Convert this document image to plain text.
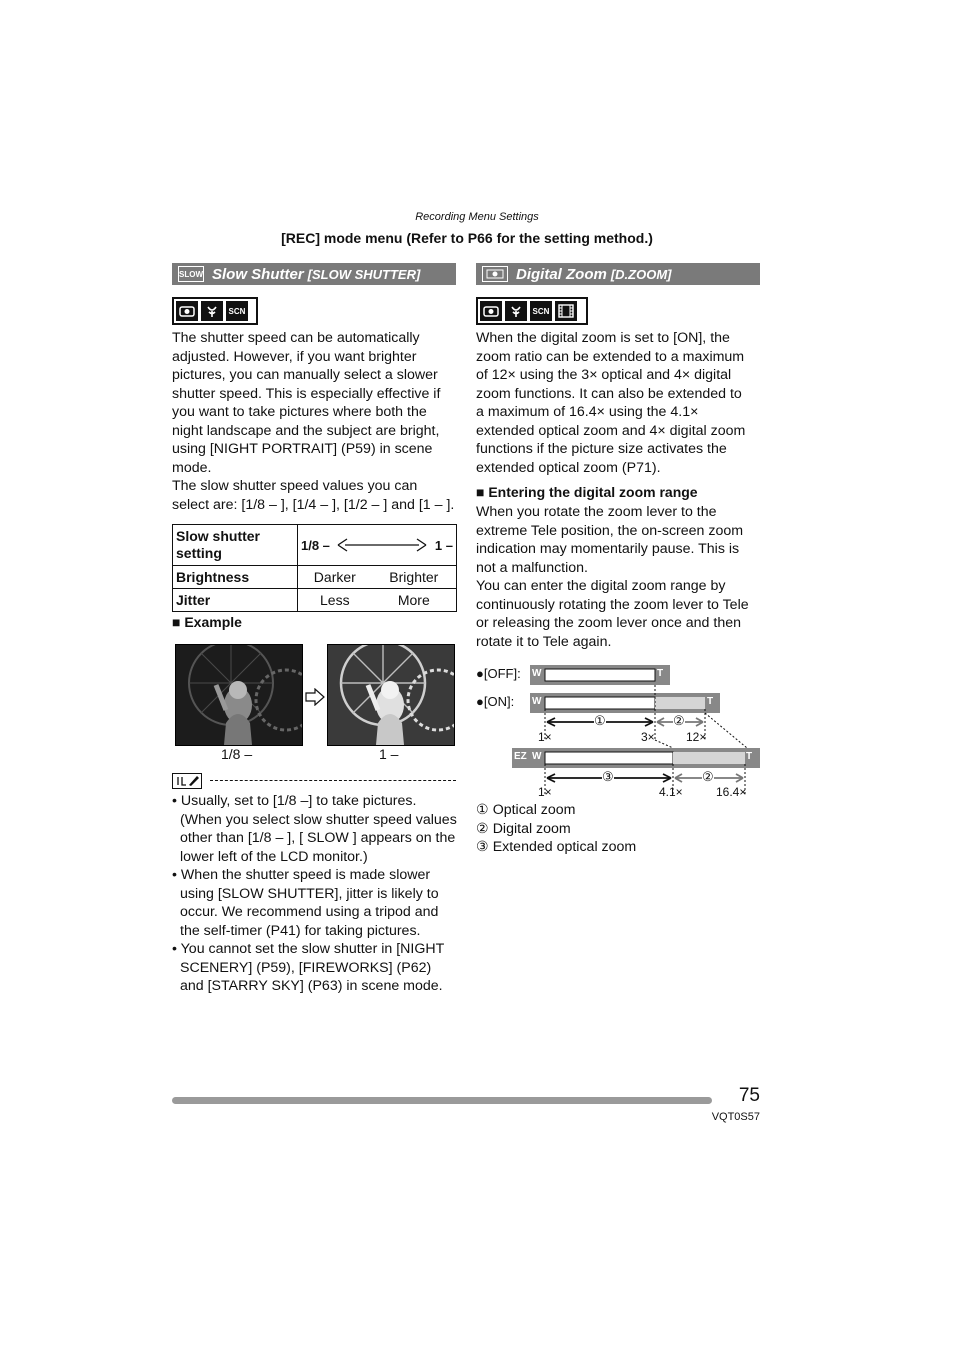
Recording Menu Settings
[REC] mode menu (Refer to P66 for the setting method.)
SLOW Slow Shutter [SLOW SHUTTER]
SCN
The shutter speed can be automatically
adjusted. However, if you want brighter
pictures, you can manually select a slower
shutter speed. This is especially effective if
you want to take pictures where both the
night landscape and the subject are bright,
using [NIGHT PORTRAIT] (P59) in scene
mode.
The slow shutter speed values you can
select are: [1/8 – ], [1/4 – ], [1/2 – ] and [1 – ].
Slow shutter setting	1/8 – 1 –	

Brightness	Darker	Brighter
Jitter	Less	More
■ Example
1/8 –	1 –
• Usually, set to [1/8 –] to take pictures. (When you select slow shutter speed values other than [1/8 – ], [ SLOW ] appears on the lower left of the LCD monitor.)
• When the shutter speed is made slower using [SLOW SHUTTER], jitter is likely to occur. We recommend using a tripod and the self-timer (P41) for taking pictures.
• You cannot set the slow shutter in [NIGHT SCENERY] (P59), [FIREWORKS] (P62) and [STARRY SKY] (P63) in scene mode.
Digital Zoom [D.ZOOM]
SCN
When the digital zoom is set to [ON], the
zoom ratio can be extended to a maximum
of 12× using the 3× optical and 4× digital
zoom functions. It can also be extended to
a maximum of 16.4× using the 4.1×
extended optical zoom and 4× digital zoom
functions if the picture size activates the
extended optical zoom (P71).
■ Entering the digital zoom range
When you rotate the zoom lever to the
extreme Tele position, the on-screen zoom
indication may momentarily pause. This is
not a malfunction.
You can enter the digital zoom range by
continuously rotating the zoom lever to Tele
or releasing the zoom lever once and then
rotate it to Tele again.
●[OFF]:
●[ON]:
W	T
W	T
①	②
1×	3×	12×
EZ W	T
③	②
1×	4.1×	16.4×
① Optical zoom
② Digital zoom
③ Extended optical zoom
75
VQT0S57
